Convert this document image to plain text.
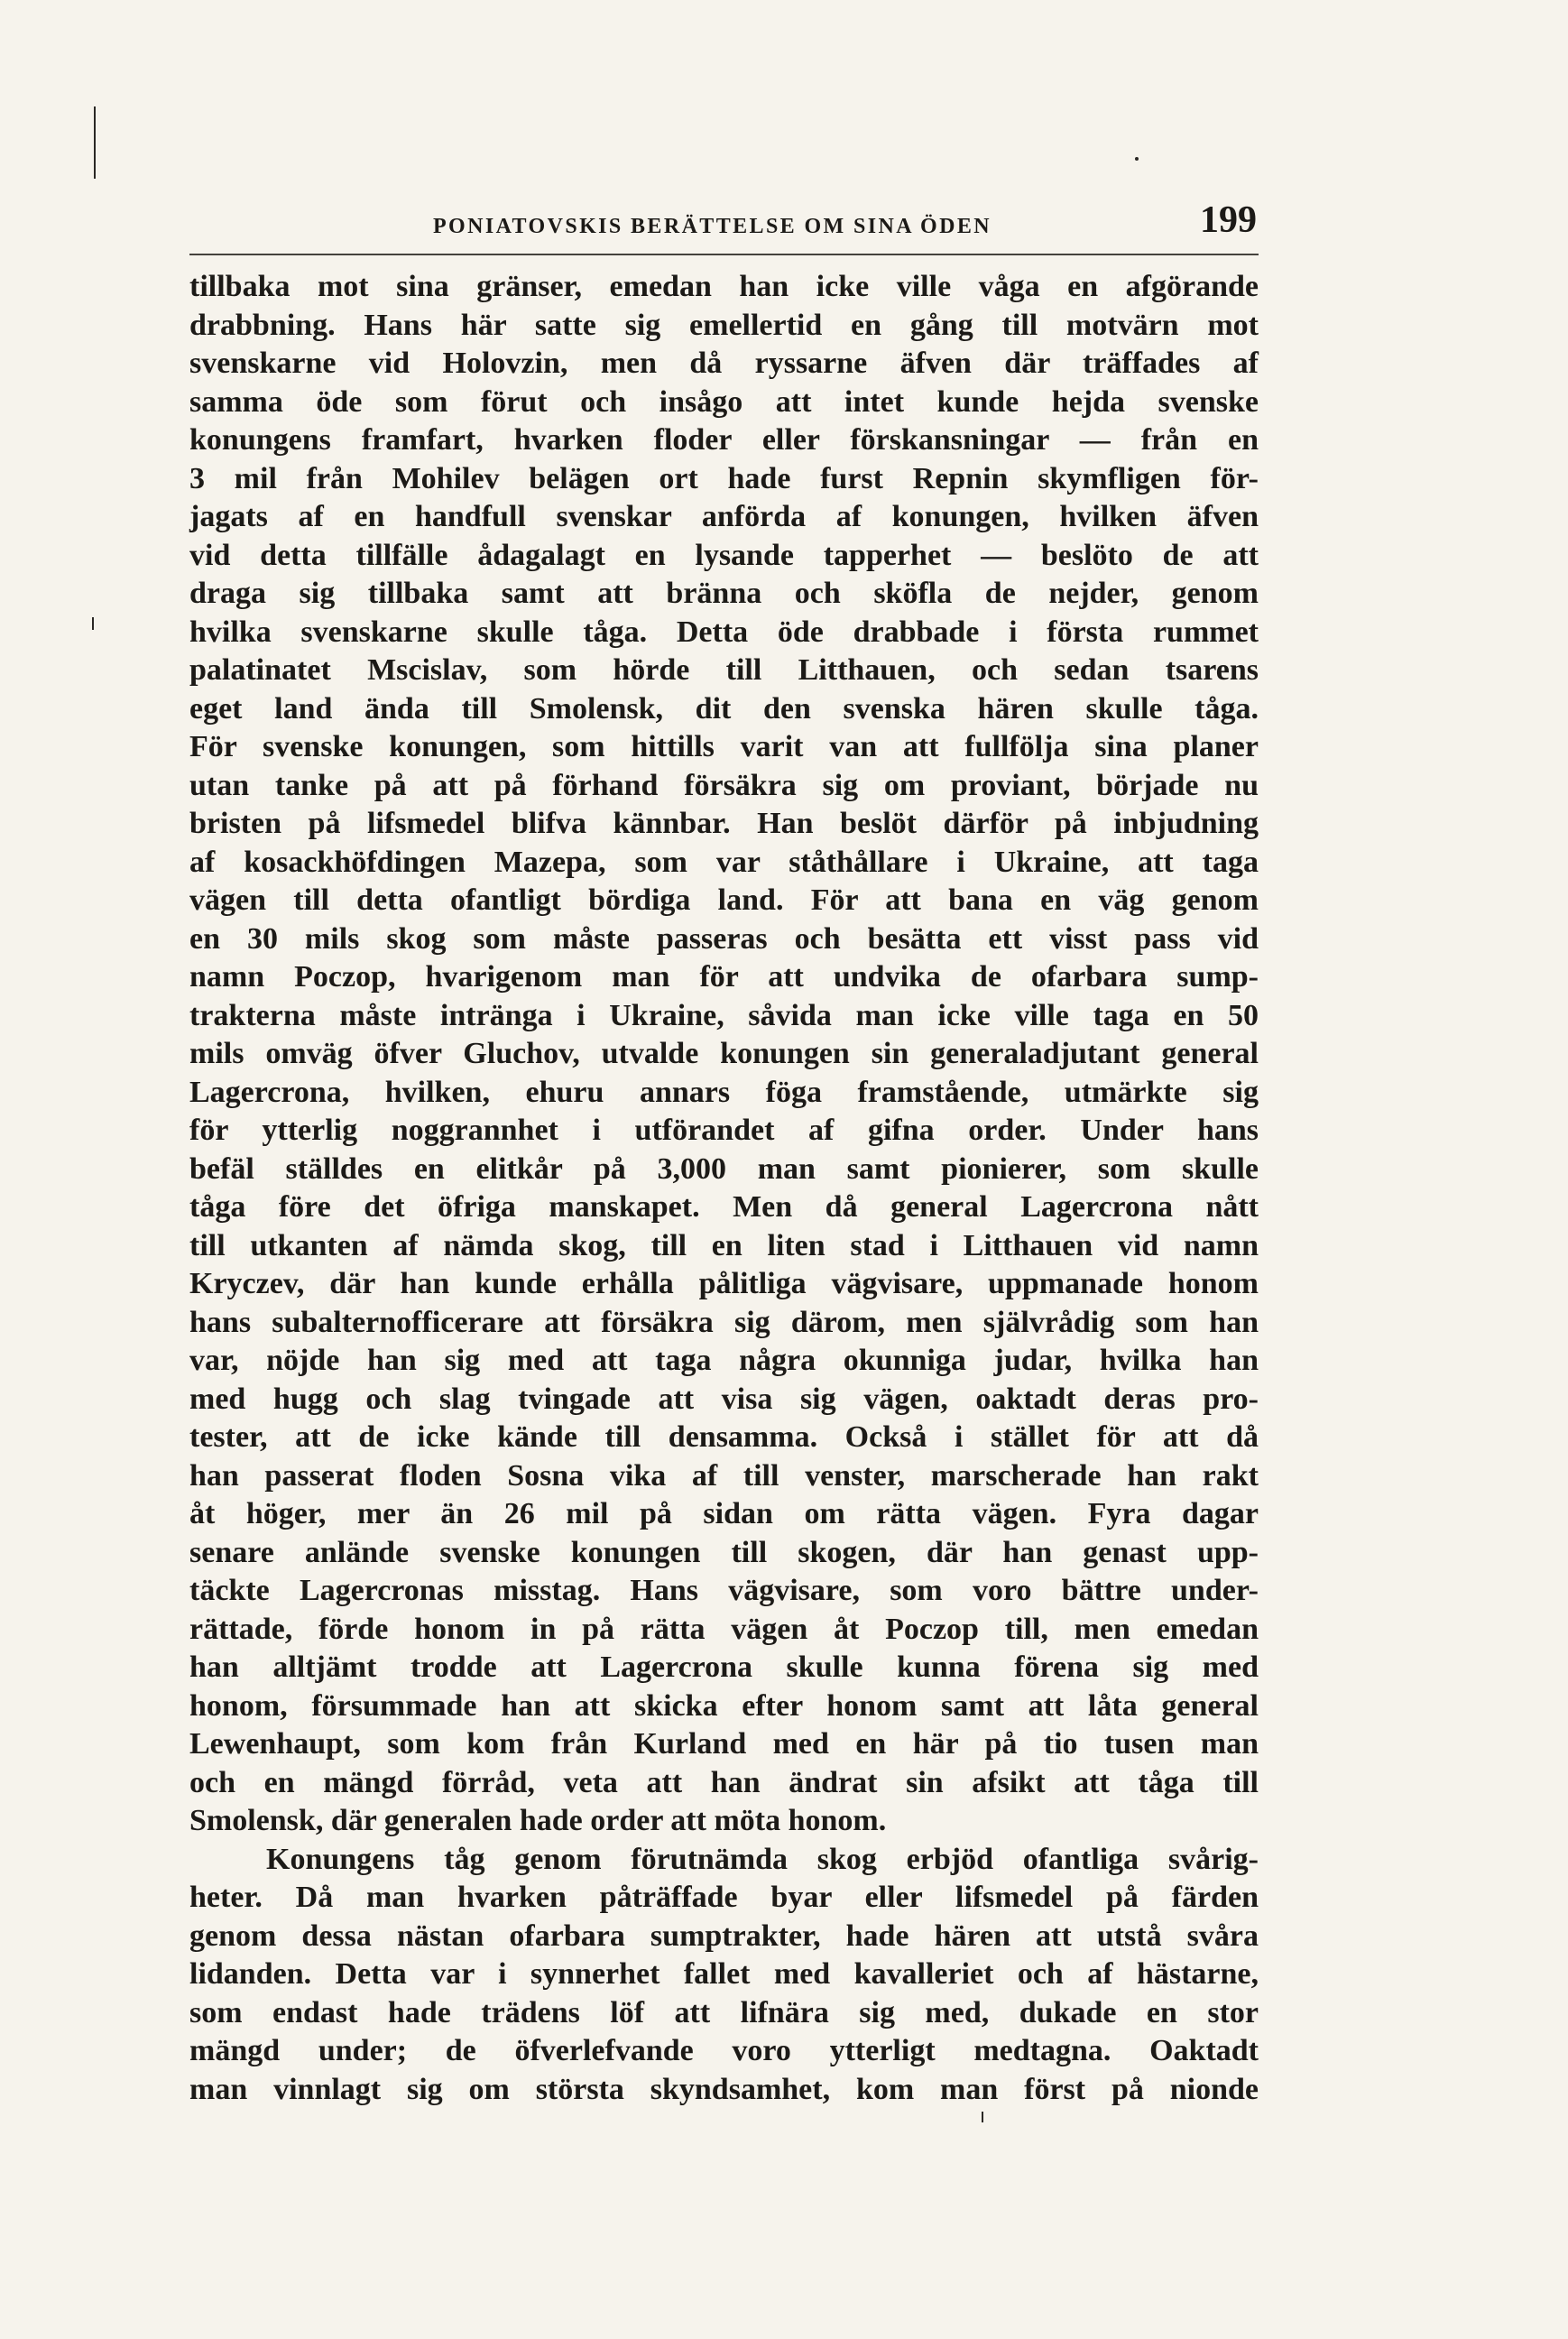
PONIATOVSKIS BERÄTTELSE OM SINA ÖDEN	199
tillbaka mot sina gränser, emedan han icke ville våga en afgörande
drabbning. Hans här satte sig emellertid en gång till motvärn mot
svenskarne vid Holovzin, men då ryssarne äfven där träffades af
samma öde som förut och insågo att intet kunde hejda svenske
konungens framfart, hvarken floder eller förskansningar — från en
3 mil från Mohilev belägen ort hade furst Repnin skymfligen för-
jagats af en handfull svenskar anförda af konungen, hvilken äfven
vid detta tillfälle ådagalagt en lysande tapperhet — beslöto de att
draga sig tillbaka samt att bränna och sköfla de nejder, genom
hvilka svenskarne skulle tåga. Detta öde drabbade i första rummet
palatinatet Mscislav, som hörde till Litthauen, och sedan tsarens
eget land ända till Smolensk, dit den svenska hären skulle tåga.
För svenske konungen, som hittills varit van att fullfölja sina planer
utan tanke på att på förhand försäkra sig om proviant, började nu
bristen på lifsmedel blifva kännbar. Han beslöt därför på inbjudning
af kosackhöfdingen Mazepa, som var ståthållare i Ukraine, att taga
vägen till detta ofantligt bördiga land. För att bana en väg genom
en 30 mils skog som måste passeras och besätta ett visst pass vid
namn Poczop, hvarigenom man för att undvika de ofarbara sump-
trakterna måste inträngа i Ukraine, såvida man icke ville taga en 50
mils omväg öfver Gluchov, utvalde konungen sin generaladjutant general
Lagercrona, hvilken, ehuru annars föga framstående, utmärkte sig
för ytterlig noggrannhet i utförandet af gifna order. Under hans
befäl ställdes en elitkår på 3,000 man samt pionierer, som skulle
tåga före det öfriga manskapet. Men då general Lagercrona nått
till utkanten af nämda skog, till en liten stad i Litthauen vid namn
Kryczev, där han kunde erhålla pålitliga vägvisare, uppmanade honom
hans subalternofficerare att försäkra sig därom, men självrådig som han
var, nöjde han sig med att taga några okunniga judar, hvilka han
med hugg och slag tvingade att visa sig vägen, oaktadt deras pro-
tester, att de icke kände till densamma. Också i stället för att då
han passerat floden Sosna vika af till venster, marscherade han rakt
åt höger, mer än 26 mil på sidan om rätta vägen. Fyra dagar
senare anlände svenske konungen till skogen, där han genast upp-
täckte Lagercronas misstag. Hans vägvisare, som voro bättre under-
rättade, förde honom in på rätta vägen åt Poczop till, men emedan
han alltjämt trodde att Lagercrona skulle kunna förena sig med
honom, försummade han att skicka efter honom samt att låta general
Lewenhaupt, som kom från Kurland med en här på tio tusen man
och en mängd förråd, veta att han ändrat sin afsikt att tåga till
Smolensk, där generalen hade order att möta honom.
Konungens tåg genom förutnämda skog erbjöd ofantliga svårig-
heter. Då man hvarken påträffade byar eller lifsmedel på färden
genom dessa nästan ofarbara sumptrakter, hade hären att utstå svåra
lidanden. Detta var i synnerhet fallet med kavalleriet och af hästarne,
som endast hade trädens löf att lifnära sig med, dukade en stor
mängd under; de öfverlefvande voro ytterligt medtagna. Oaktadt
man vinnlagt sig om största skyndsamhet, kom man först på nionde
